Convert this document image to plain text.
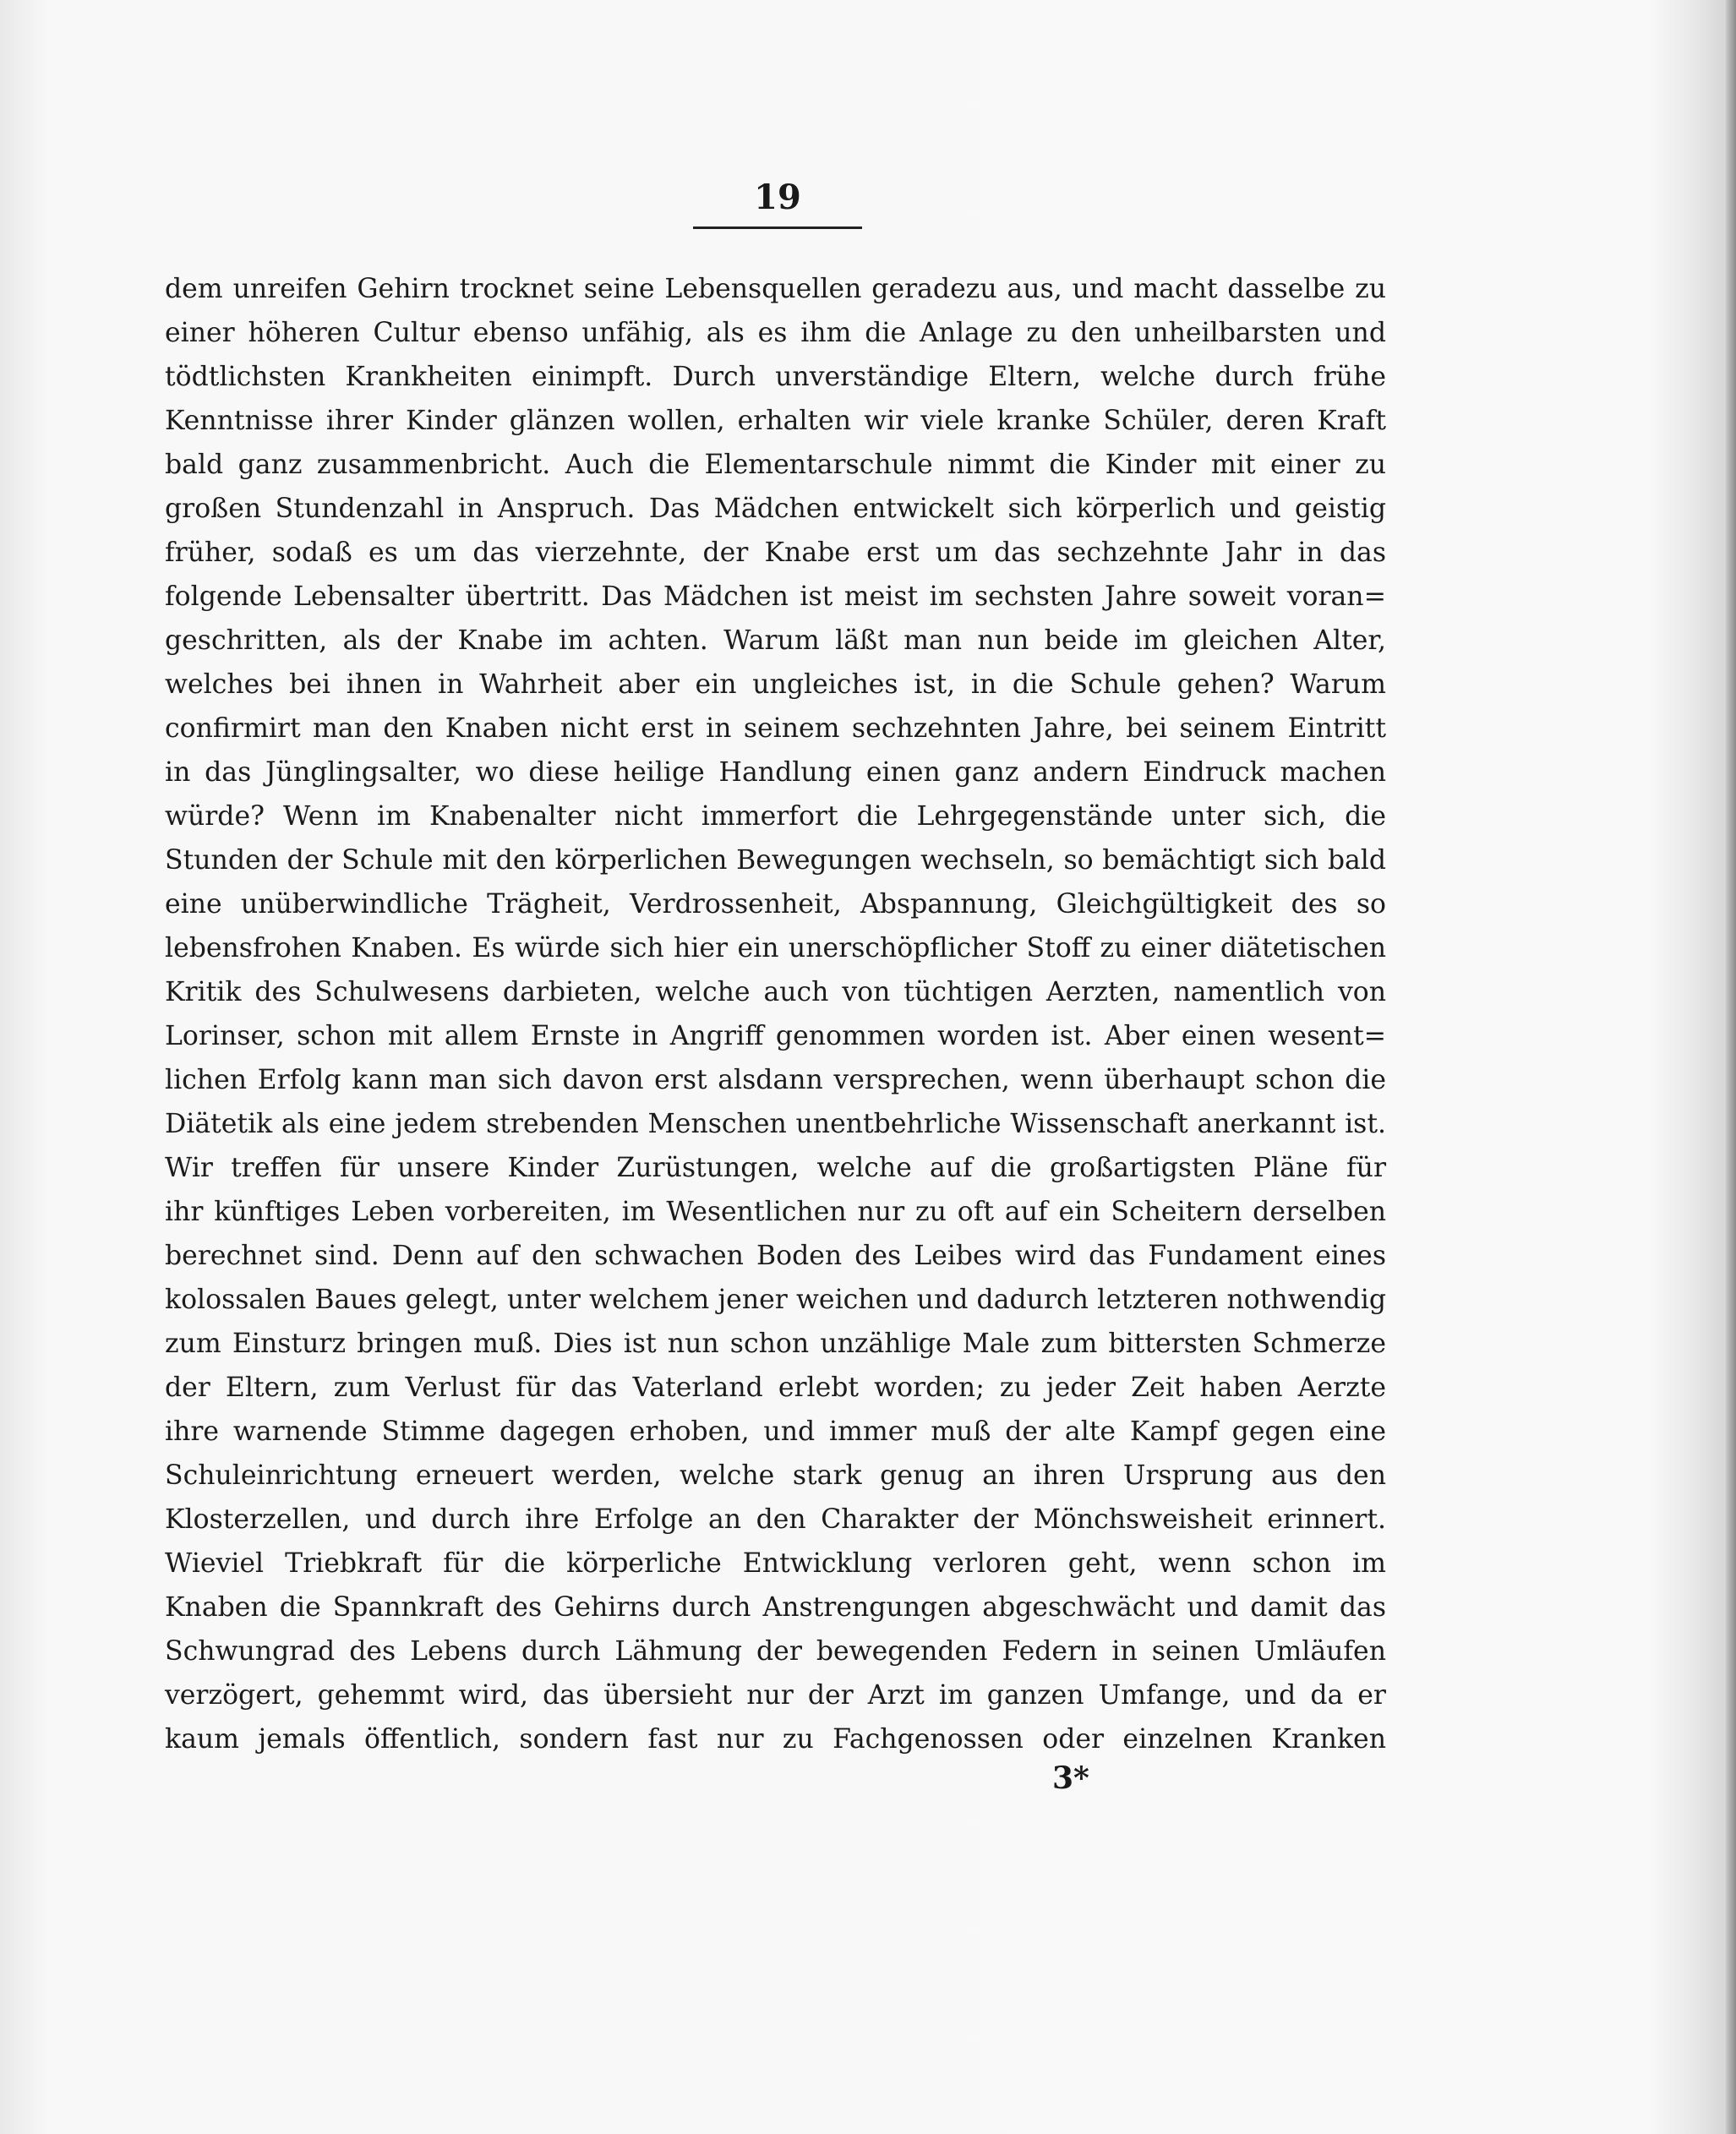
19
dem unreifen Gehirn trocknet seine Lebensquellen geradezu aus, und macht dasselbe zu
einer höheren Cultur ebenso unfähig, als es ihm die Anlage zu den unheilbarsten und
tödtlichsten Krankheiten einimpft. Durch unverständige Eltern, welche durch frühe
Kenntnisse ihrer Kinder glänzen wollen, erhalten wir viele kranke Schüler, deren Kraft
bald ganz zusammenbricht. Auch die Elementarschule nimmt die Kinder mit einer zu
großen Stundenzahl in Anspruch. Das Mädchen entwickelt sich körperlich und geistig
früher, sodaß es um das vierzehnte, der Knabe erst um das sechzehnte Jahr in das
folgende Lebensalter übertritt. Das Mädchen ist meist im sechsten Jahre soweit voran=
geschritten, als der Knabe im achten. Warum läßt man nun beide im gleichen Alter,
welches bei ihnen in Wahrheit aber ein ungleiches ist, in die Schule gehen? Warum
confirmirt man den Knaben nicht erst in seinem sechzehnten Jahre, bei seinem Eintritt
in das Jünglingsalter, wo diese heilige Handlung einen ganz andern Eindruck machen
würde? Wenn im Knabenalter nicht immerfort die Lehrgegenstände unter sich, die
Stunden der Schule mit den körperlichen Bewegungen wechseln, so bemächtigt sich bald
eine unüberwindliche Trägheit, Verdrossenheit, Abspannung, Gleichgültigkeit des so
lebensfrohen Knaben. Es würde sich hier ein unerschöpflicher Stoff zu einer diätetischen
Kritik des Schulwesens darbieten, welche auch von tüchtigen Aerzten, namentlich von
Lorinser, schon mit allem Ernste in Angriff genommen worden ist. Aber einen wesent=
lichen Erfolg kann man sich davon erst alsdann versprechen, wenn überhaupt schon die
Diätetik als eine jedem strebenden Menschen unentbehrliche Wissenschaft anerkannt ist.
Wir treffen für unsere Kinder Zurüstungen, welche auf die großartigsten Pläne für
ihr künftiges Leben vorbereiten, im Wesentlichen nur zu oft auf ein Scheitern derselben
berechnet sind. Denn auf den schwachen Boden des Leibes wird das Fundament eines
kolossalen Baues gelegt, unter welchem jener weichen und dadurch letzteren nothwendig
zum Einsturz bringen muß. Dies ist nun schon unzählige Male zum bittersten Schmerze
der Eltern, zum Verlust für das Vaterland erlebt worden; zu jeder Zeit haben Aerzte
ihre warnende Stimme dagegen erhoben, und immer muß der alte Kampf gegen eine
Schuleinrichtung erneuert werden, welche stark genug an ihren Ursprung aus den
Klosterzellen, und durch ihre Erfolge an den Charakter der Mönchsweisheit erinnert.
Wieviel Triebkraft für die körperliche Entwicklung verloren geht, wenn schon im
Knaben die Spannkraft des Gehirns durch Anstrengungen abgeschwächt und damit das
Schwungrad des Lebens durch Lähmung der bewegenden Federn in seinen Umläufen
verzögert, gehemmt wird, das übersieht nur der Arzt im ganzen Umfange, und da er
kaum jemals öffentlich, sondern fast nur zu Fachgenossen oder einzelnen Kranken
3*
